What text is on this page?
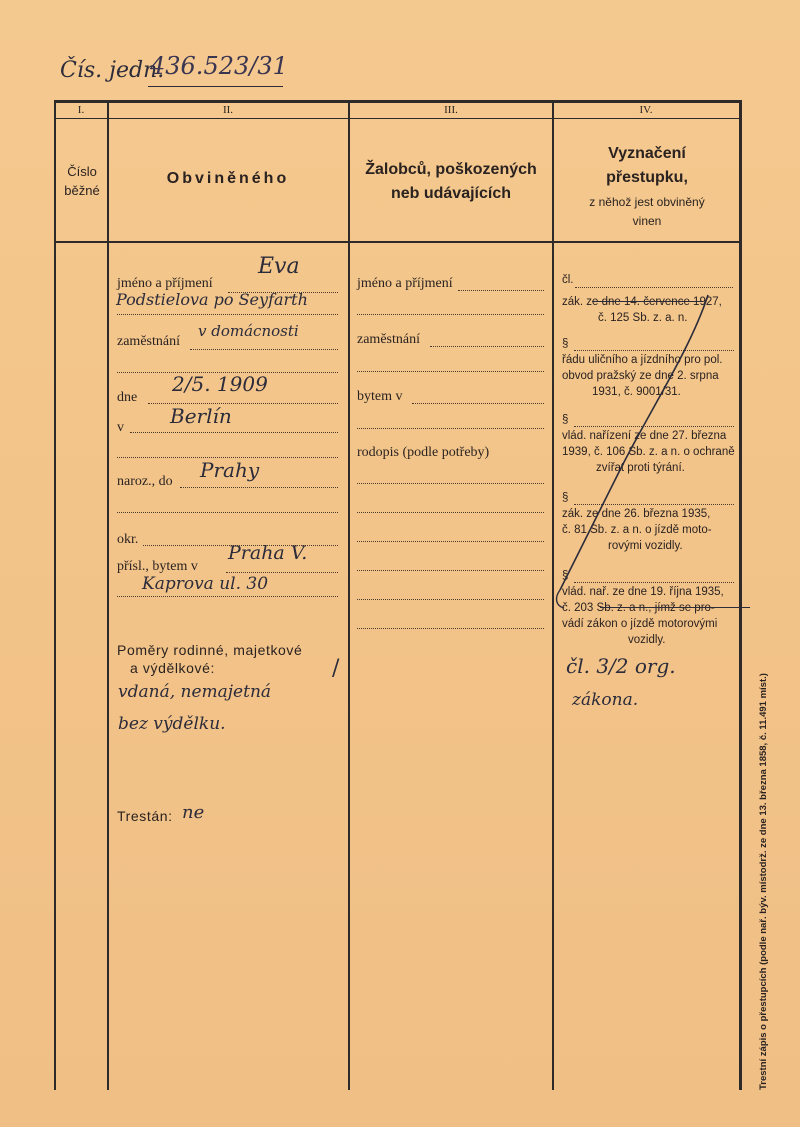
Čís. jedn.
436.523/31
I.	II.	III.	IV.
Číslo
běžné
Obviněného
Žalobců, poškozených
neb udávajících
Vyznačení
přestupku,
z něhož jest obviněný
vinen
jméno a příjmení
Eva
Podstielova po Seyfarth
zaměstnání
v domácnosti
dne
2/5. 1909
v Berlín
naroz., do Prahy
okr.
přísl., bytem v
Praha V.
Kaprova ul. 30
Poměry rodinné, majetkové
a výdělkové:	/
vdaná, nemajetná
bez výdělku.
Trestán: ne
jméno a příjmení
zaměstnání
bytem v
rodopis (podle potřeby)
čl.
zák. ze dne 14. července 1927,
č. 125 Sb. z. a. n.
§
řádu uličního a jízdního pro pol.
obvod pražský ze dne 2. srpna
1931, č. 9001/31.
§
vlád. nařízení ze dne 27. března
1939, č. 106 Sb. z. a n. o ochraně
zvířat proti týrání.
§
zák. ze dne 26. března 1935,
č. 81 Sb. z. a n. o jízdě moto-
rovými vozidly.
§
vlád. nař. ze dne 19. října 1935,
č. 203 Sb. z. a n., jímž se pro-
vádí zákon o jízdě motorovými
vozidly.
čl. 3/2 org.
zákona.	Trestní zápis o přestupcích (podle nař. býv. místodrž. ze dne 13. března 1858, č. 11.491 míst.)
